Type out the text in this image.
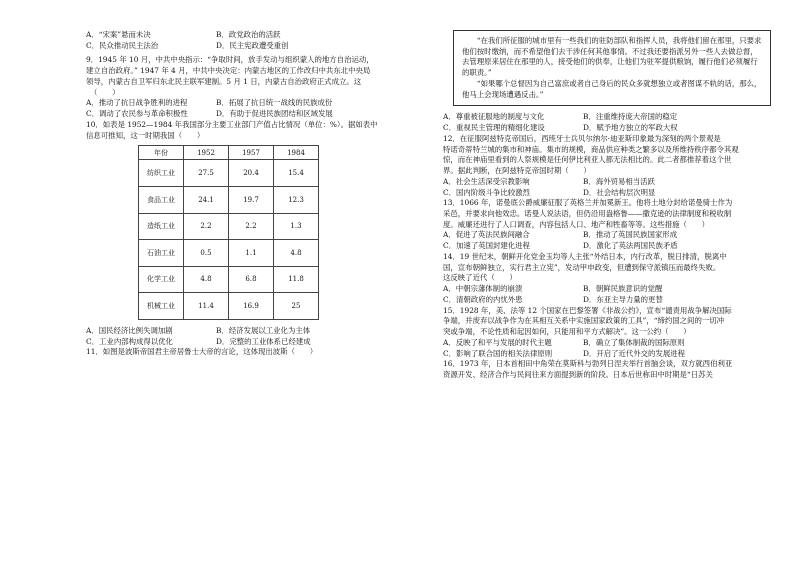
A．“宋案”悬而未决	B．政党政治的活跃
C．民众推动民主法治	D．民主宪政遭受重创
9．1945 年 10 月，中共中央指示：“争取时间，放手发动与组织蒙人的地方自治运动，
建立自治政府。” 1947 年 4 月，中共中央决定：内蒙古地区的工作改归中共东北中央局
领导，内蒙古自卫军归东北民主联军建制。5 月 1 日，内蒙古自治政府正式成立。这
（　　）
A．推动了抗日战争胜利的进程	B．拓展了抗日统一战线的民族成份
C．调动了农民参与革命积极性	D．有助于促进民族团结和区域发展
10．如表是 1952—1984 年我国部分主要工业部门产值占比情况（单位：%）。据如表中
信息可推知，这一时期我国（　　）
年份	1952	1957	1984
纺织工业	27.5	20.4	15.4
食品工业	24.1	19.7	12.3
造纸工业	2.2	2.2	1.3
石油工业	0.5	1.1	4.8
化学工业	4.8	6.8	11.8
机械工业	11.4	16.9	25
A．国民经济比例失调加剧	B．经济发展以工业化为主体
C．工业内部构成得以优化	D．完整的工业体系已经建成
11．如图是波斯帝国君主帝居鲁士大帝的言论，这体现出波斯（　　）

“在我们所征服的城市里有一些我们的驻防部队和指挥人员，我将他们留在那里，只要求他们按时缴纳，而不希望他们去干涉任何其他事情。不过我还要指派另外一些人去做总督，去管理原来居住在那里的人，接受他们的供奉，让他们为驻军提供粮饷，履行他们必须履行的职责。”

“如果哪个总督因为自己富庶或者自己身后的民众多就想独立或者图谋不轨的话，那么，他马上会现场遭遇反击。”

A．尊重被征服地的制度与文化	B．注重维持庞大帝国的稳定
C．重视民主管理的精细化建设	D．赋予地方独立的军政大权
12．在征服阿兹特克帝国后，西班牙士兵贝尔纳尔·迪亚斯印象最为深刻的两个景观是
特诺奇蒂特兰城的集市和神庙。集市的规模，商品供应种类之繁多以及所维持秩序都令其观
惊，而在神庙里看到的人祭规模是任何伊比利亚人都无法相比的。此二者都推荐着这个世
界。据此判断，在阿兹特克帝国时期（　　）
A．社会生活深受宗教影响	B．海外贸易相当活跃
C．国内阶级斗争比较激烈	D．社会结构层次明显
13．1066 年，诺曼底公爵威廉征服了英格兰并加冕新王。他将土地分封给诺曼骑士作为
采邑，并要求向他效忠。诺曼人说法语，但仍沿用盎格鲁——撒克逊的法律制度和税收制
度。威廉还进行了人口调查，内容包括人口、地产和牲畜等等。这些措施（　　）
A．促进了英法民族间融合	B．推动了英国民族国家形成
C．加速了英国封建化进程	D．激化了英法两国民族矛盾
14．19 世纪末，朝鲜开化党金玉均等人主张“外结日本，内行改革，脱日排清，脱离中
国，宣布朝鲜独立，实行君主立宪”，发动甲申政变，但遭到保守派镇压而最终失败。
这反映了近代（　　）
A．中朝宗藩体制的崩溃	B．朝鲜民族意识的觉醒
C．清朝政府的内忧外患	D．东亚主导力量的更替
15．1928 年，美、法等 12 个国家在巴黎签署《非战公约》，宣布“谴责用战争解决国际
争端，并废弃以战争作为在其相互关系中实施国家政策的工具”，“缔约国之间的一切冲
突或争端，不论性质和起因如何，只能用和平方式解决”。这一公约（　　）
A．反映了和平与发展的时代主题	B．确立了集体制裁的国际原则
C．影响了联合国的相关法律原则	D．开启了近代外交的发展进程
16．1973 年，日本首相田中角荣在莫斯科与勃列日涅夫举行首脑会谈，双方就西伯利亚
资源开发、经济合作与民间往来方面提到新的阶段。日本后世称田中时期是“日苏关
